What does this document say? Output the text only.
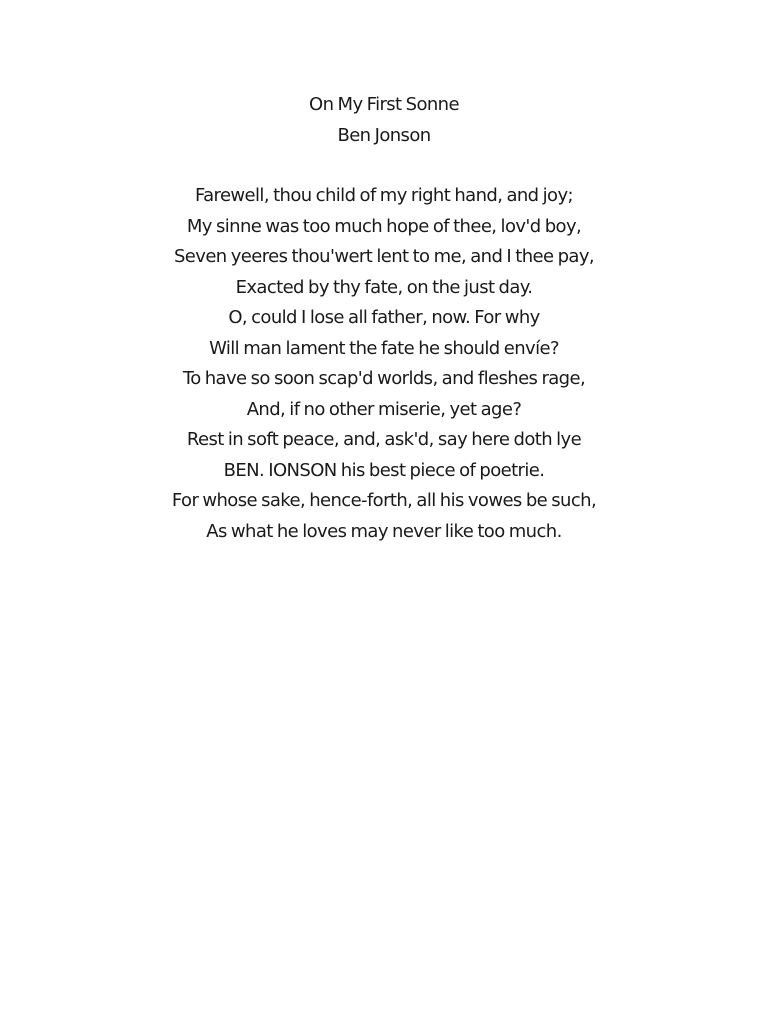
On My First Sonne
Ben Jonson
Farewell, thou child of my right hand, and joy;
My sinne was too much hope of thee, lov'd boy,
Seven yeeres thou'wert lent to me, and I thee pay,
Exacted by thy fate, on the just day.
O, could I lose all father, now. For why
Will man lament the fate he should envíe?
To have so soon scap'd worlds, and fleshes rage,
And, if no other miserie, yet age?
Rest in soft peace, and, ask'd, say here doth lye
BEN. IONSON his best piece of poetrie.
For whose sake, hence-forth, all his vowes be such,
As what he loves may never like too much.
